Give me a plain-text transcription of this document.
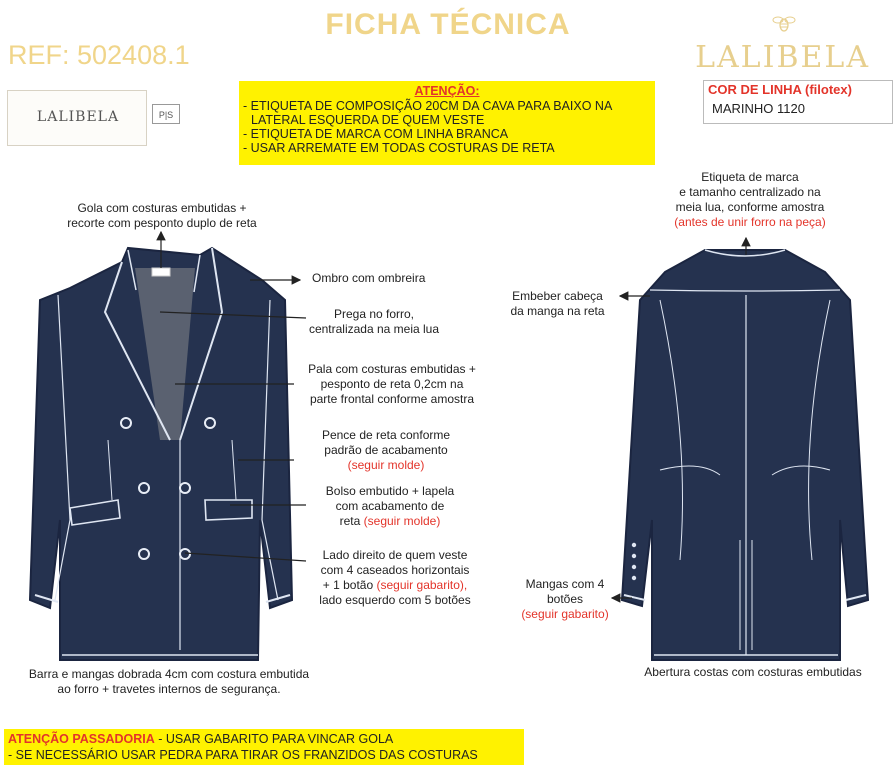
FICHA TÉCNICA
REF: 502408.1	LALIBELA
LALIBELA	P|S
ATENÇÃO:
- ETIQUETA DE COMPOSIÇÃO 20CM DA CAVA PARA BAIXO NA
LATERAL ESQUERDA DE QUEM VESTE
- ETIQUETA DE MARCA COM LINHA BRANCA
- USAR ARREMATE EM TODAS COSTURAS DE RETA
COR DE LINHA (filotex)
MARINHO 1120
Gola com costuras embutidas +
recorte com pesponto duplo de reta
Ombro com ombreira
Prega no forro,
centralizada na meia lua
Pala com costuras embutidas +
pesponto de reta 0,2cm na
parte frontal conforme amostra
Pence de reta conforme
padrão de acabamento
(seguir molde)
Bolso embutido + lapela
com acabamento de
reta (seguir molde)
Lado direito de quem veste
com 4 caseados horizontais
+ 1 botão (seguir gabarito),
lado esquerdo com 5 botões
Barra e mangas dobrada 4cm com costura embutida
ao forro + travetes internos de segurança.
Etiqueta de marca
e tamanho centralizado na
meia lua, conforme amostra
(antes de unir forro na peça)
Embeber cabeça
da manga na reta
Mangas com 4
botões
(seguir gabarito)
Abertura costas com costuras embutidas
ATENÇÃO PASSADORIA - USAR GABARITO PARA VINCAR GOLA
- SE NECESSÁRIO USAR PEDRA PARA TIRAR OS FRANZIDOS DAS COSTURAS
